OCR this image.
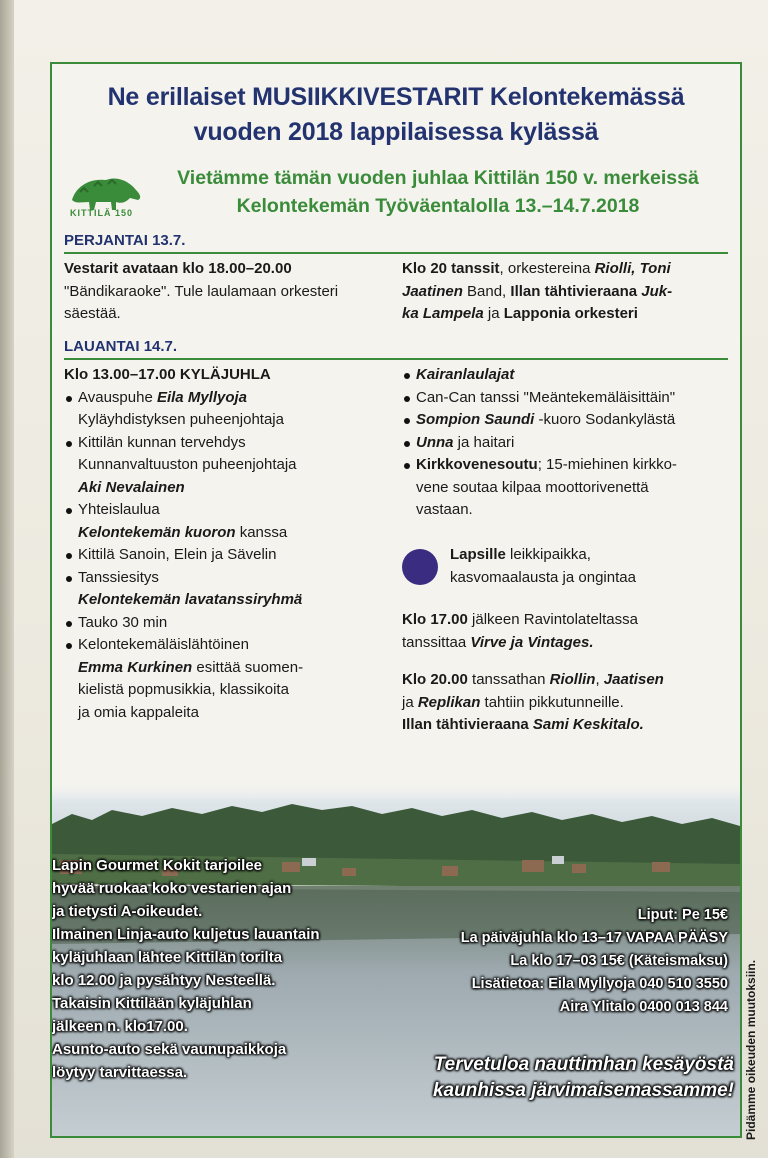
Ne erillaiset MUSIIKKIVESTARIT Kelontekemässä
vuoden 2018 lappilaisessa kylässä
KITTILÄ 150
Vietämme tämän vuoden juhlaa Kittilän 150 v. merkeissä
Kelontekemän Työväentalolla 13.–14.7.2018
PERJANTAI 13.7.

Vestarit avataan klo 18.00–20.00

"Bändikaraoke". Tule laulamaan orkesteri

säestää.

Klo 20 tanssit, orkestereina Riolli, Toni

Jaatinen Band, Illan tähtivieraana Juk-

ka Lampela ja Lapponia orkesteri

LAUANTAI 14.7.

Klo 13.00–17.00 KYLÄJUHLA

Avauspuhe Eila Myllyoja
Kyläyhdistyksen puheenjohtaja
Kittilän kunnan tervehdys
Kunnanvaltuuston puheenjohtaja
Aki Nevalainen
Yhteislaulua
Kelontekemän kuoron kanssa
Kittilä Sanoin, Elein ja Sävelin
Tanssiesitys
Kelontekemän lavatanssiryhmä
Tauko 30 min
Kelontekemäläislähtöinen
Emma Kurkinen esittää suomen-
kielistä popmusikkia, klassikoita
ja omia kappaleita
Kairanlaulajat
Can-Can tanssi "Meäntekemäläisittäin"
Sompion Saundi -kuoro Sodankylästä
Unna ja haitari
Kirkkovenesoutu; 15-miehinen kirkko-
vene soutaa kilpaa moottorivenettä
vastaan.

Lapsille leikkipaikka,

kasvomaalausta ja ongintaa

Klo 17.00 jälkeen Ravintolateltassa

tanssittaa Virve ja Vintages.

Klo 20.00 tanssathan Riollin, Jaatisen

ja Replikan tahtiin pikkutunneille.

Illan tähtivieraana Sami Keskitalo.

Lapin Gourmet Kokit tarjoilee

hyvää ruokaa koko vestarien ajan

ja tietysti A-oikeudet.

Ilmainen Linja-auto kuljetus lauantain

kyläjuhlaan lähtee Kittilän torilta

klo 12.00 ja pysähtyy Nesteellä.

Takaisin Kittilään kyläjuhlan

jälkeen n. klo17.00.

Asunto-auto sekä vaunupaikkoja

löytyy tarvittaessa.

Liput: Pe 15€

La päiväjuhla klo 13–17 VAPAA PÄÄSY

La klo 17–03 15€ (Käteismaksu)

Lisätietoa: Eila Myllyoja 040 510 3550

Aira Ylitalo 0400 013 844

Tervetuloa nauttimhan kesäyöstä

kaunhissa järvimaisemassamme! Pidämme oikeuden muutoksiin.
